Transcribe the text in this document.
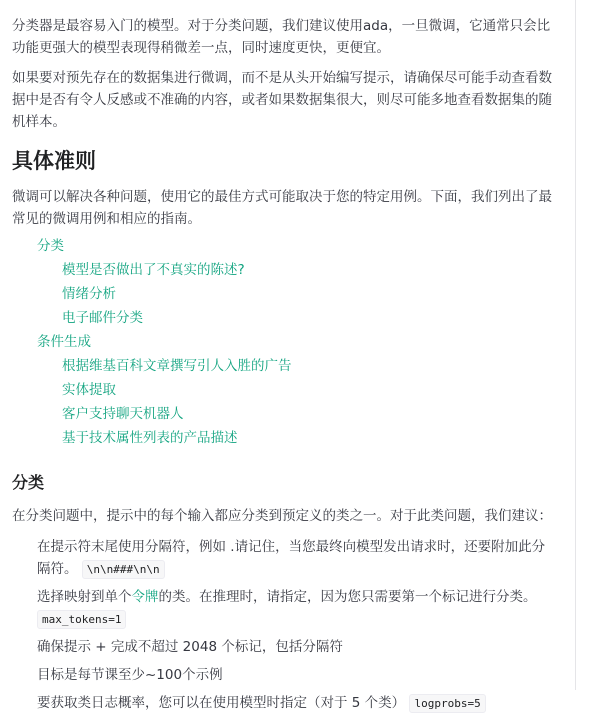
分类器是最容易入门的模型。对于分类问题，我们建议使用ada，一旦微调，它通常只会比功能更强大的模型表现得稍微差一点，同时速度更快，更便宜。

如果要对预先存在的数据集进行微调，而不是从头开始编写提示，请确保尽可能手动查看数据中是否有令人反感或不准确的内容，或者如果数据集很大，则尽可能多地查看数据集的随机样本。

具体准则

微调可以解决各种问题，使用它的最佳方式可能取决于您的特定用例。下面，我们列出了最常见的微调用例和相应的指南。

分类
模型是否做出了不真实的陈述?
情绪分析
电子邮件分类
条件生成
根据维基百科文章撰写引人入胜的广告
实体提取
客户支持聊天机器人
基于技术属性列表的产品描述
分类

在分类问题中，提示中的每个输入都应分类到预定义的类之一。对于此类问题，我们建议：

在提示符末尾使用分隔符，例如 .请记住，当您最终向模型发出请求时，还要附加此分隔符。 \n\n###\n\n
选择映射到单个令牌的类。在推理时，请指定，因为您只需要第一个标记进行分类。
max_tokens=1
确保提示 + 完成不超过 2048 个标记，包括分隔符
目标是每节课至少~100个示例
要获取类日志概率，您可以在使用模型时指定（对于 5 个类） logprobs=5
